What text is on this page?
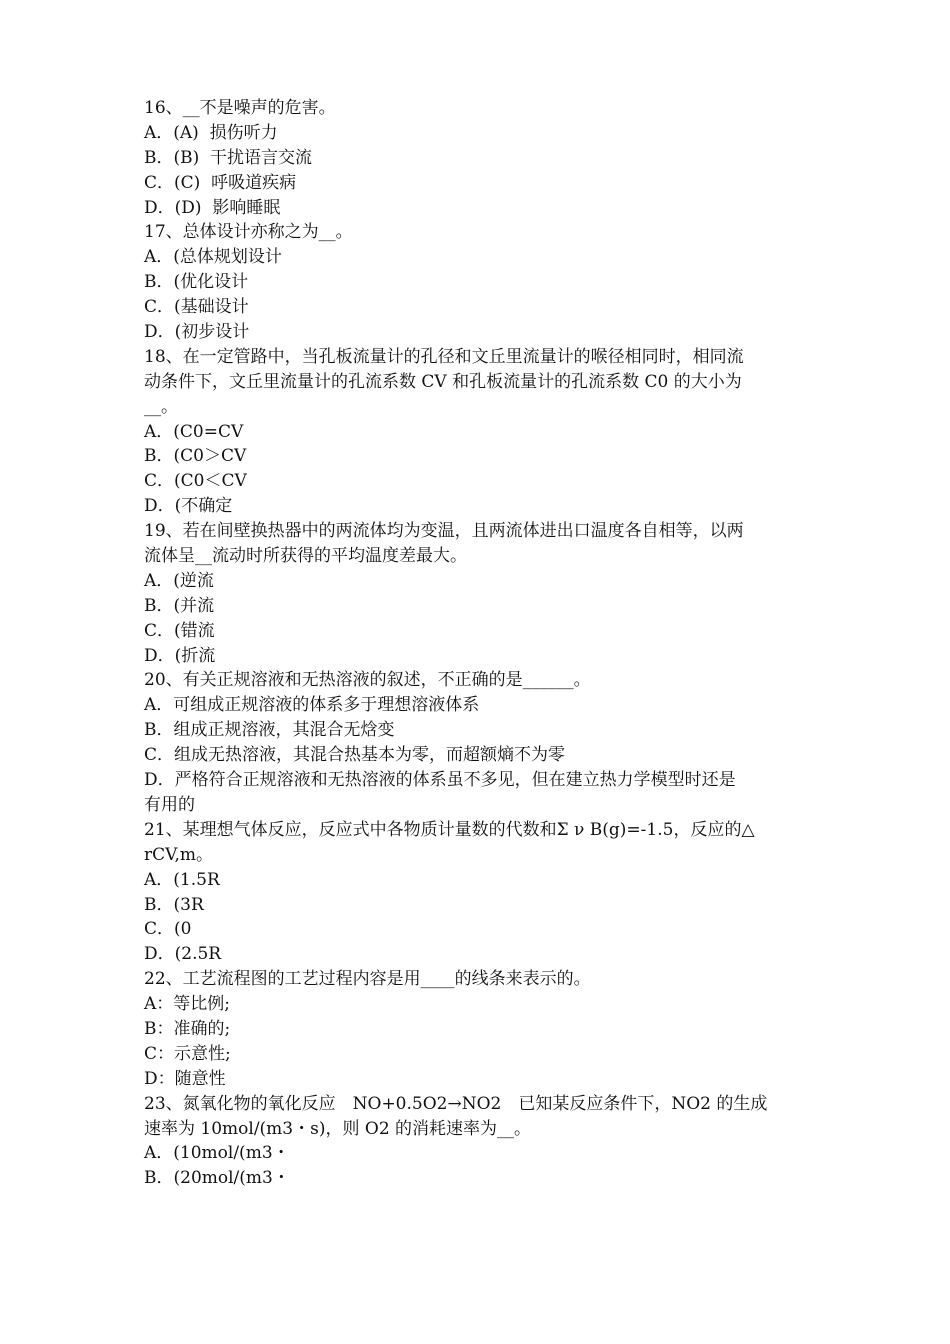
16、__不是噪声的危害。
A．(A)  损伤听力
B．(B)  干扰语言交流
C．(C)  呼吸道疾病
D．(D)  影响睡眠
17、总体设计亦称之为__。
A．(总体规划设计
B．(优化设计
C．(基础设计
D．(初步设计
18、在一定管路中，当孔板流量计的孔径和文丘里流量计的喉径相同时，相同流
动条件下，文丘里流量计的孔流系数 CV 和孔板流量计的孔流系数 C0 的大小为
__。
A．(C0=CV
B．(C0＞CV
C．(C0＜CV
D．(不确定
19、若在间壁换热器中的两流体均为变温，且两流体进出口温度各自相等，以两
流体呈__流动时所获得的平均温度差最大。
A．(逆流
B．(并流
C．(错流
D．(折流
20、有关正规溶液和无热溶液的叙述，不正确的是______。
A．可组成正规溶液的体系多于理想溶液体系
B．组成正规溶液，其混合无焓变
C．组成无热溶液，其混合热基本为零，而超额熵不为零
D．严格符合正规溶液和无热溶液的体系虽不多见，但在建立热力学模型时还是
有用的
21、某理想气体反应，反应式中各物质计量数的代数和Σ ν B(g)=-1.5，反应的△
rCV,m。
A．(1.5R
B．(3R
C．(0
D．(2.5R
22、工艺流程图的工艺过程内容是用____的线条来表示的。
A：等比例;
B：准确的;
C：示意性;
D：随意性
23、氮氧化物的氧化反应　NO+0.5O2→NO2　已知某反应条件下，NO2 的生成
速率为 10mol/(m3・s)，则 O2 的消耗速率为__。
A．(10mol/(m3・
B．(20mol/(m3・
